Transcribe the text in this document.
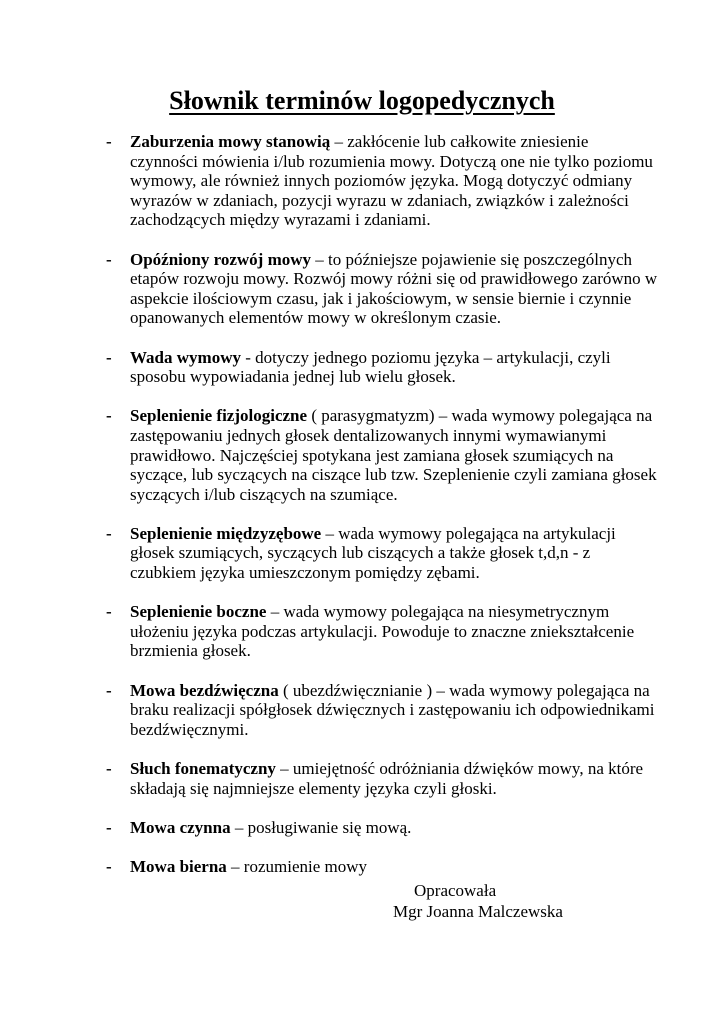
Słownik terminów logopedycznych
- Zaburzenia mowy stanowią – zakłócenie lub całkowite zniesienie czynności mówienia i/lub rozumienia mowy. Dotyczą one nie tylko poziomu wymowy, ale również innych poziomów języka. Mogą dotyczyć odmiany wyrazów w zdaniach, pozycji wyrazu w zdaniach, związków i zależności zachodzących między wyrazami i zdaniami.
- Opóźniony rozwój mowy – to późniejsze pojawienie się poszczególnych etapów rozwoju mowy. Rozwój mowy różni się od prawidłowego zarówno w aspekcie ilościowym czasu, jak i jakościowym, w sensie biernie i czynnie opanowanych elementów mowy w określonym czasie.
- Wada wymowy - dotyczy jednego poziomu języka – artykulacji, czyli sposobu wypowiadania jednej lub wielu głosek.
- Seplenienie fizjologiczne ( parasygmatyzm) – wada wymowy polegająca na zastępowaniu jednych głosek dentalizowanych innymi wymawianymi prawidłowo. Najczęściej spotykana jest zamiana głosek szumiących na syczące, lub syczących na ciszące lub tzw. Szeplenienie czyli zamiana głosek syczących i/lub ciszących na szumiące.
- Seplenienie międzyzębowe – wada wymowy polegająca na artykulacji głosek szumiących, syczących lub ciszących a także głosek t,d,n - z czubkiem języka umieszczonym pomiędzy zębami.
- Seplenienie boczne – wada wymowy polegająca na niesymetrycznym ułożeniu języka podczas artykulacji. Powoduje to znaczne zniekształcenie brzmienia głosek.
- Mowa bezdźwięczna ( ubezdźwięcznianie ) – wada wymowy polegająca na braku realizacji spółgłosek dźwięcznych i zastępowaniu ich odpowiednikami bezdźwięcznymi.
- Słuch fonematyczny – umiejętność odróżniania dźwięków mowy, na które składają się najmniejsze elementy języka czyli głoski.
- Mowa czynna – posługiwanie się mową.
- Mowa bierna – rozumienie mowy
Opracowała
Mgr Joanna Malczewska
